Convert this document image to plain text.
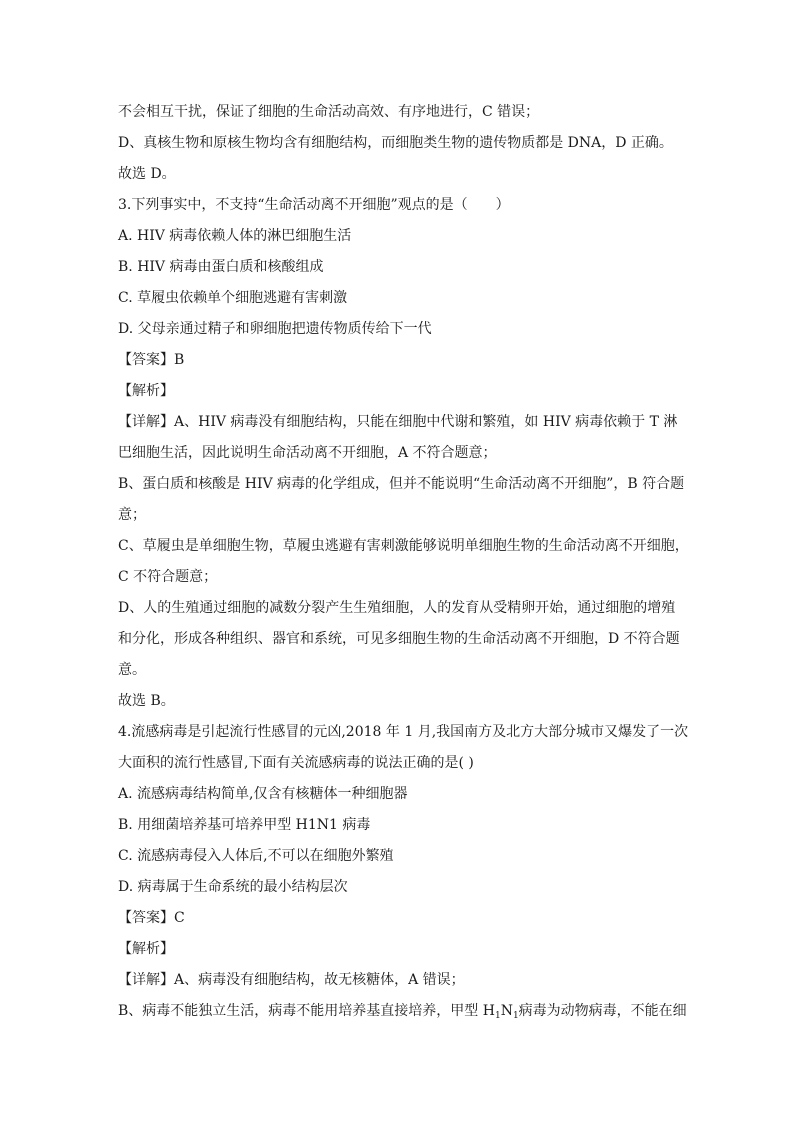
不会相互干扰，保证了细胞的生命活动高效、有序地进行，C 错误；
D、真核生物和原核生物均含有细胞结构，而细胞类生物的遗传物质都是 DNA，D 正确。
故选 D。
3.下列事实中，不支持“生命活动离不开细胞”观点的是（　　）
A. HIV 病毒依赖人体的淋巴细胞生活
B. HIV 病毒由蛋白质和核酸组成
C. 草履虫依赖单个细胞逃避有害刺激
D. 父母亲通过精子和卵细胞把遗传物质传给下一代
【答案】B
【解析】
【详解】A、HIV 病毒没有细胞结构，只能在细胞中代谢和繁殖，如 HIV 病毒依赖于 T 淋
巴细胞生活，因此说明生命活动离不开细胞，A 不符合题意；
B、蛋白质和核酸是 HIV 病毒的化学组成，但并不能说明“生命活动离不开细胞”，B 符合题
意；
C、草履虫是单细胞生物，草履虫逃避有害刺激能够说明单细胞生物的生命活动离不开细胞，
C 不符合题意；
D、人的生殖通过细胞的减数分裂产生生殖细胞，人的发育从受精卵开始，通过细胞的增殖
和分化，形成各种组织、器官和系统，可见多细胞生物的生命活动离不开细胞，D 不符合题
意。
故选 B。
4.流感病毒是引起流行性感冒的元凶,2018 年 1 月,我国南方及北方大部分城市又爆发了一次
大面积的流行性感冒,下面有关流感病毒的说法正确的是( )
A. 流感病毒结构简单,仅含有核糖体一种细胞器
B. 用细菌培养基可培养甲型 H1N1 病毒
C. 流感病毒侵入人体后,不可以在细胞外繁殖
D. 病毒属于生命系统的最小结构层次
【答案】C
【解析】
【详解】A、病毒没有细胞结构，故无核糖体，A 错误；
B、病毒不能独立生活，病毒不能用培养基直接培养，甲型 $H_1N_1$病毒为动物病毒，不能在细
